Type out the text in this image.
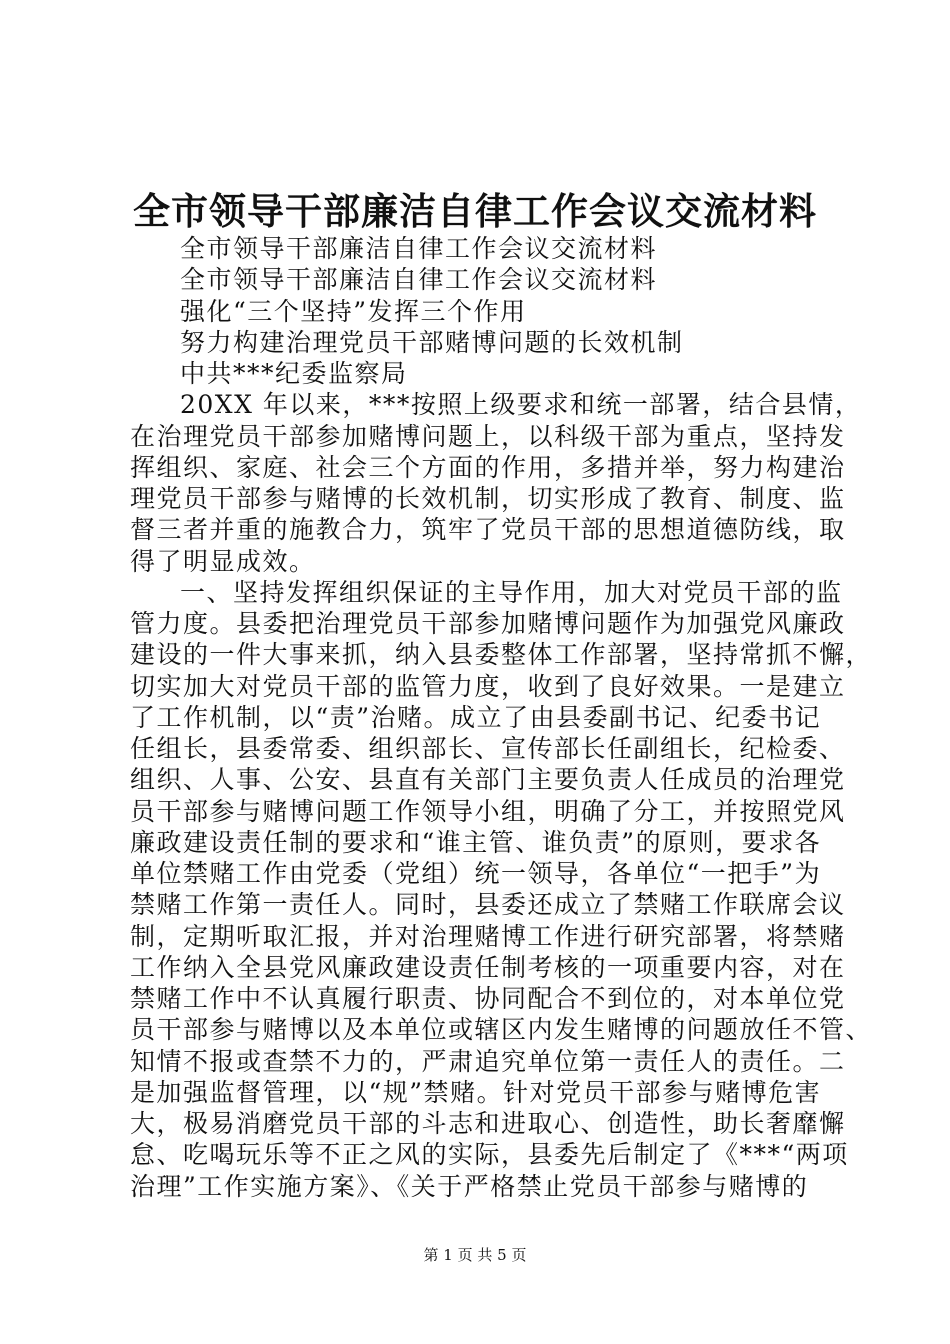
全市领导干部廉洁自律工作会议交流材料

全市领导干部廉洁自律工作会议交流材料

全市领导干部廉洁自律工作会议交流材料

强化“三个坚持”发挥三个作用

努力构建治理党员干部赌博问题的长效机制

中共***纪委监察局

20XX 年以来，***按照上级要求和统一部署，结合县情，

在治理党员干部参加赌博问题上，以科级干部为重点，坚持发

挥组织、家庭、社会三个方面的作用，多措并举，努力构建治

理党员干部参与赌博的长效机制，切实形成了教育、制度、监

督三者并重的施教合力，筑牢了党员干部的思想道德防线，取

得了明显成效。

一、坚持发挥组织保证的主导作用，加大对党员干部的监

管力度。县委把治理党员干部参加赌博问题作为加强党风廉政

建设的一件大事来抓，纳入县委整体工作部署，坚持常抓不懈，

切实加大对党员干部的监管力度，收到了良好效果。一是建立

了工作机制，以“责”治赌。成立了由县委副书记、纪委书记

任组长，县委常委、组织部长、宣传部长任副组长，纪检委、

组织、人事、公安、县直有关部门主要负责人任成员的治理党

员干部参与赌博问题工作领导小组，明确了分工，并按照党风

廉政建设责任制的要求和“谁主管、谁负责”的原则，要求各

单位禁赌工作由党委（党组）统一领导，各单位“一把手”为

禁赌工作第一责任人。同时，县委还成立了禁赌工作联席会议

制，定期听取汇报，并对治理赌博工作进行研究部署，将禁赌

工作纳入全县党风廉政建设责任制考核的一项重要内容，对在

禁赌工作中不认真履行职责、协同配合不到位的，对本单位党

员干部参与赌博以及本单位或辖区内发生赌博的问题放任不管、

知情不报或查禁不力的，严肃追究单位第一责任人的责任。二

是加强监督管理，以“规”禁赌。针对党员干部参与赌博危害

大，极易消磨党员干部的斗志和进取心、创造性，助长奢靡懈

怠、吃喝玩乐等不正之风的实际，县委先后制定了《***“两项

治理”工作实施方案》、《关于严格禁止党员干部参与赌博的

第 1 页 共 5 页
